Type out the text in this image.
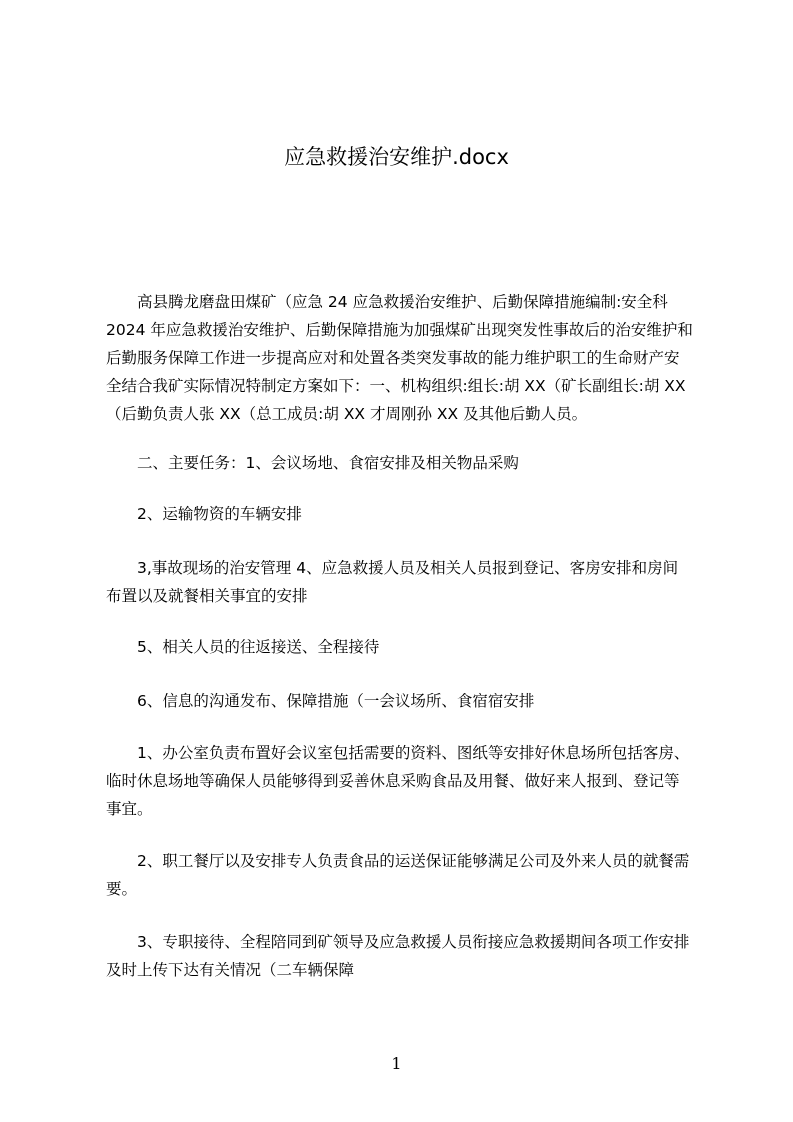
应急救援治安维护.docx
　　高县腾龙磨盘田煤矿（应急 24 应急救援治安维护、后勤保障措施编制:安全科
2024 年应急救援治安维护、后勤保障措施为加强煤矿出现突发性事故后的治安维护和
后勤服务保障工作进一步提高应对和处置各类突发事故的能力维护职工的生命财产安
全结合我矿实际情况特制定方案如下：一、机构组织:组长:胡 XX（矿长副组长:胡 XX
（后勤负责人张 XX（总工成员:胡 XX 才周刚孙 XX 及其他后勤人员。
　　二、主要任务：1、会议场地、食宿安排及相关物品采购
　　2、运输物资的车辆安排
　　3,事故现场的治安管理 4、应急救援人员及相关人员报到登记、客房安排和房间
布置以及就餐相关事宜的安排
　　5、相关人员的往返接送、全程接待
　　6、信息的沟通发布、保障措施（一会议场所、食宿宿安排
　　1、办公室负责布置好会议室包括需要的资料、图纸等安排好休息场所包括客房、
临时休息场地等确保人员能够得到妥善休息采购食品及用餐、做好来人报到、登记等
事宜。
　　2、职工餐厅以及安排专人负责食品的运送保证能够满足公司及外来人员的就餐需
要。
　　3、专职接待、全程陪同到矿领导及应急救援人员衔接应急救援期间各项工作安排
及时上传下达有关情况（二车辆保障
1
